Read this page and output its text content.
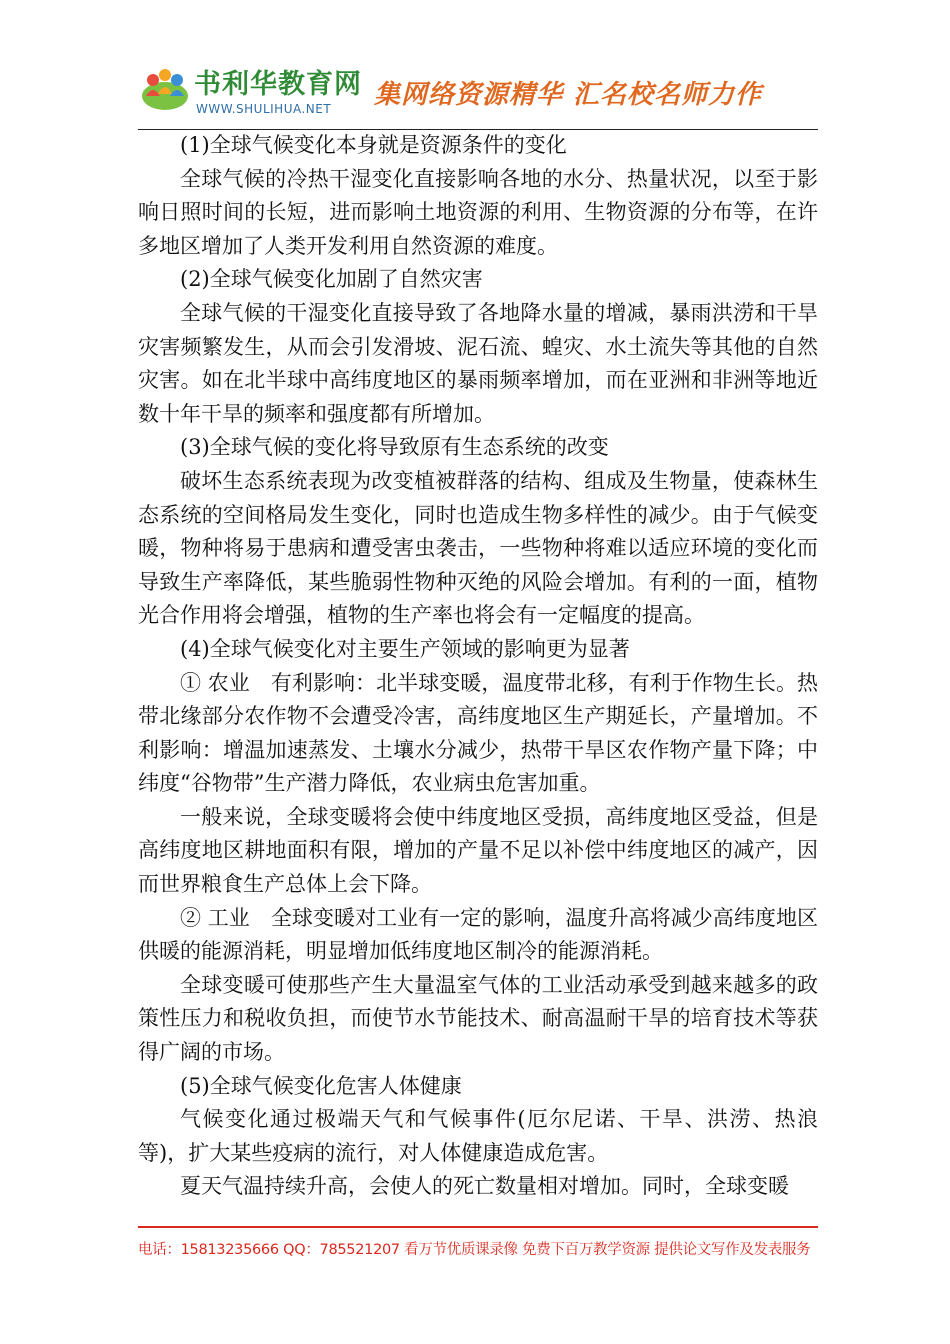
书利华教育网
WWW.SHULIHUA.NET 集网络资源精华 汇名校名师力作

(1)全球气候变化本身就是资源条件的变化

全球气候的冷热干湿变化直接影响各地的水分、热量状况，以至于影响日照时间的长短，进而影响土地资源的利用、生物资源的分布等，在许多地区增加了人类开发利用自然资源的难度。

(2)全球气候变化加剧了自然灾害

全球气候的干湿变化直接导致了各地降水量的增减，暴雨洪涝和干旱灾害频繁发生，从而会引发滑坡、泥石流、蝗灾、水土流失等其他的自然灾害。如在北半球中高纬度地区的暴雨频率增加，而在亚洲和非洲等地近数十年干旱的频率和强度都有所增加。

(3)全球气候的变化将导致原有生态系统的改变

破坏生态系统表现为改变植被群落的结构、组成及生物量，使森林生态系统的空间格局发生变化，同时也造成生物多样性的减少。由于气候变暖，物种将易于患病和遭受害虫袭击，一些物种将难以适应环境的变化而导致生产率降低，某些脆弱性物种灭绝的风险会增加。有利的一面，植物光合作用将会增强，植物的生产率也将会有一定幅度的提高。

(4)全球气候变化对主要生产领域的影响更为显著

① 农业　有利影响：北半球变暖，温度带北移，有利于作物生长。热带北缘部分农作物不会遭受冷害，高纬度地区生产期延长，产量增加。不利影响：增温加速蒸发、土壤水分减少，热带干旱区农作物产量下降；中纬度“谷物带”生产潜力降低，农业病虫危害加重。

一般来说，全球变暖将会使中纬度地区受损，高纬度地区受益，但是高纬度地区耕地面积有限，增加的产量不足以补偿中纬度地区的减产，因而世界粮食生产总体上会下降。

② 工业　全球变暖对工业有一定的影响，温度升高将减少高纬度地区供暖的能源消耗，明显增加低纬度地区制冷的能源消耗。

全球变暖可使那些产生大量温室气体的工业活动承受到越来越多的政策性压力和税收负担，而使节水节能技术、耐高温耐干旱的培育技术等获得广阔的市场。

(5)全球气候变化危害人体健康

气候变化通过极端天气和气候事件(厄尔尼诺、干旱、洪涝、热浪等)，扩大某些疫病的流行，对人体健康造成危害。

夏天气温持续升高，会使人的死亡数量相对增加。同时，全球变暖

电话：15813235666 QQ：785521207 看万节优质课录像 免费下百万教学资源 提供论文写作及发表服务
